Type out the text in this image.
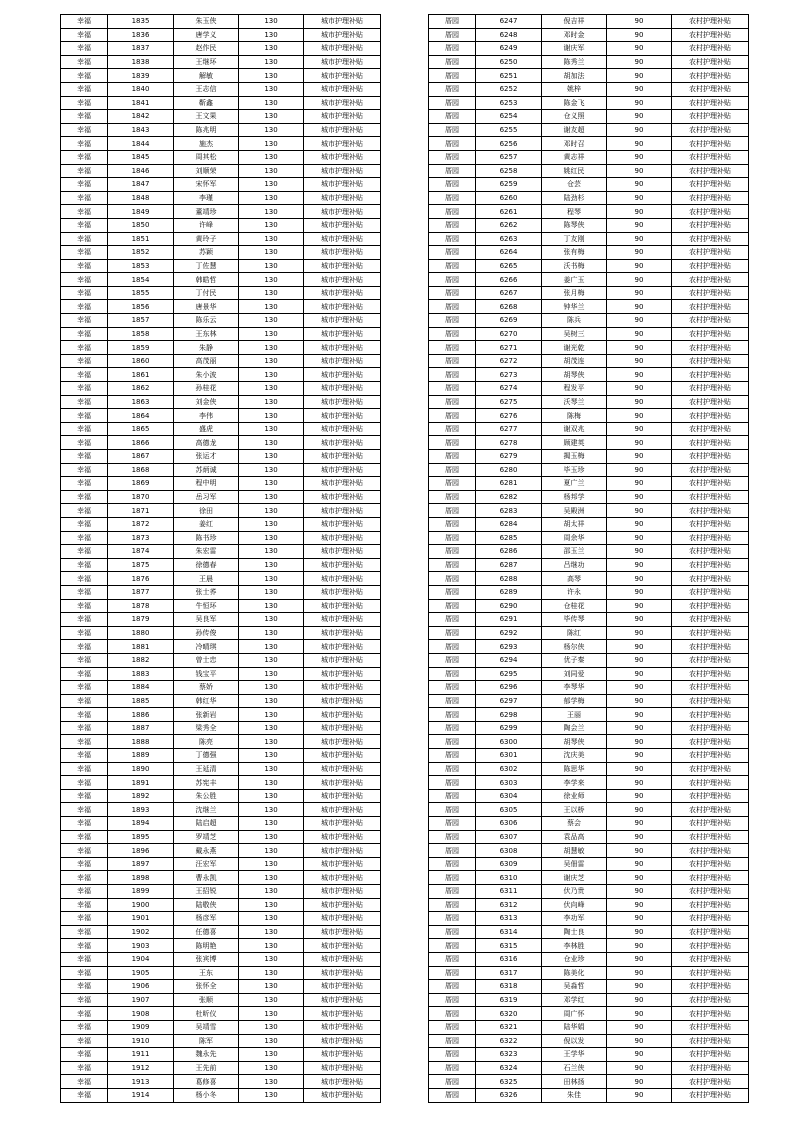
幸福	1835	朱玉侠	130	城市护理补贴
幸福	1836	唐学义	130	城市护理补贴
幸福	1837	赵作民	130	城市护理补贴
幸福	1838	王继环	130	城市护理补贴
幸福	1839	解敏	130	城市护理补贴
幸福	1840	王志信	130	城市护理补贴
幸福	1841	靳鑫	130	城市护理补贴
幸福	1842	王文果	130	城市护理补贴
幸福	1843	陈兆明	130	城市护理补贴
幸福	1844	施杰	130	城市护理补贴
幸福	1845	周其松	130	城市护理补贴
幸福	1846	刘顺荣	130	城市护理补贴
幸福	1847	宋怀军	130	城市护理补贴
幸福	1848	李瑾	130	城市护理补贴
幸福	1849	董靖珍	130	城市护理补贴
幸福	1850	许峰	130	城市护理补贴
幸福	1851	黄玲子	130	城市护理补贴
幸福	1852	苏颖	130	城市护理补贴
幸福	1853	丁佐慧	130	城市护理补贴
幸福	1854	韩皓哲	130	城市护理补贴
幸福	1855	丁付民	130	城市护理补贴
幸福	1856	唐景华	130	城市护理补贴
幸福	1857	陈乐云	130	城市护理补贴
幸福	1858	王东林	130	城市护理补贴
幸福	1859	朱静	130	城市护理补贴
幸福	1860	高茂丽	130	城市护理补贴
幸福	1861	朱小波	130	城市护理补贴
幸福	1862	孙桂花	130	城市护理补贴
幸福	1863	刘金侠	130	城市护理补贴
幸福	1864	李伟	130	城市护理补贴
幸福	1865	盛虎	130	城市护理补贴
幸福	1866	高德龙	130	城市护理补贴
幸福	1867	张运才	130	城市护理补贴
幸福	1868	苏炳诚	130	城市护理补贴
幸福	1869	程中明	130	城市护理补贴
幸福	1870	岳习军	130	城市护理补贴
幸福	1871	徐田	130	城市护理补贴
幸福	1872	姜红	130	城市护理补贴
幸福	1873	陈书珍	130	城市护理补贴
幸福	1874	朱宏雷	130	城市护理补贴
幸福	1875	徐德春	130	城市护理补贴
幸福	1876	王晨	130	城市护理补贴
幸福	1877	张士荞	130	城市护理补贴
幸福	1878	牛恒环	130	城市护理补贴
幸福	1879	吴良军	130	城市护理补贴
幸福	1880	孙传俊	130	城市护理补贴
幸福	1881	冷晴琪	130	城市护理补贴
幸福	1882	曾士忠	130	城市护理补贴
幸福	1883	钱宝平	130	城市护理补贴
幸福	1884	蔡娇	130	城市护理补贴
幸福	1885	韩红华	130	城市护理补贴
幸福	1886	张新岩	130	城市护理补贴
幸福	1887	梁秀全	130	城市护理补贴
幸福	1888	陈亮	130	城市护理补贴
幸福	1889	丁德强	130	城市护理补贴
幸福	1890	王延清	130	城市护理补贴
幸福	1891	苏宪丰	130	城市护理补贴
幸福	1892	朱公胜	130	城市护理补贴
幸福	1893	沈继兰	130	城市护理补贴
幸福	1894	陆启超	130	城市护理补贴
幸福	1895	罗靖芝	130	城市护理补贴
幸福	1896	戴永燕	130	城市护理补贴
幸福	1897	汪宏军	130	城市护理补贴
幸福	1898	曹永凯	130	城市护理补贴
幸福	1899	王招锐	130	城市护理补贴
幸福	1900	陆敬侠	130	城市护理补贴
幸福	1901	杨彦军	130	城市护理补贴
幸福	1902	任德喜	130	城市护理补贴
幸福	1903	陈明艳	130	城市护理补贴
幸福	1904	张宾博	130	城市护理补贴
幸福	1905	王东	130	城市护理补贴
幸福	1906	张怀全	130	城市护理补贴
幸福	1907	张顺	130	城市护理补贴
幸福	1908	杜昕仪	130	城市护理补贴
幸福	1909	吴靖雪	130	城市护理补贴
幸福	1910	陈军	130	城市护理补贴
幸福	1911	魏永先	130	城市护理补贴
幸福	1912	王先前	130	城市护理补贴
幸福	1913	葛修喜	130	城市护理补贴
幸福	1914	杨小冬	130	城市护理补贴
厝园	6247	倪吉祥	90	农村护理补贴
厝园	6248	邓时金	90	农村护理补贴
厝园	6249	谢庆军	90	农村护理补贴
厝园	6250	陈秀兰	90	农村护理补贴
厝园	6251	胡加法	90	农村护理补贴
厝园	6252	姚梓	90	农村护理补贴
厝园	6253	陈金飞	90	农村护理补贴
厝园	6254	仓义照	90	农村护理补贴
厝园	6255	谢友超	90	农村护理补贴
厝园	6256	邓时召	90	农村护理补贴
厝园	6257	黄志祥	90	农村护理补贴
厝园	6258	姚红民	90	农村护理补贴
厝园	6259	仓芸	90	农村护理补贴
厝园	6260	陆劲杉	90	农村护理补贴
厝园	6261	程琴	90	农村护理补贴
厝园	6262	陈琴侠	90	农村护理补贴
厝园	6263	丁友刚	90	农村护理补贴
厝园	6264	张有梅	90	农村护理补贴
厝园	6265	沃书梅	90	农村护理补贴
厝园	6266	姜广玉	90	农村护理补贴
厝园	6267	张月梅	90	农村护理补贴
厝园	6268	钟华兰	90	农村护理补贴
厝园	6269	陈兵	90	农村护理补贴
厝园	6270	吴树三	90	农村护理补贴
厝园	6271	谢光乾	90	农村护理补贴
厝园	6272	胡茂连	90	农村护理补贴
厝园	6273	胡琴侠	90	农村护理补贴
厝园	6274	程发平	90	农村护理补贴
厝园	6275	沃琴兰	90	农村护理补贴
厝园	6276	陈梅	90	农村护理补贴
厝园	6277	谢双兆	90	农村护理补贴
厝园	6278	顾建英	90	农村护理补贴
厝园	6279	揭玉梅	90	农村护理补贴
厝园	6280	毕玉珍	90	农村护理补贴
厝园	6281	夏广兰	90	农村护理补贴
厝园	6282	杨邦学	90	农村护理补贴
厝园	6283	吴殿洲	90	农村护理补贴
厝园	6284	胡太祥	90	农村护理补贴
厝园	6285	周余华	90	农村护理补贴
厝园	6286	邵玉兰	90	农村护理补贴
厝园	6287	吕继功	90	农村护理补贴
厝园	6288	高琴	90	农村护理补贴
厝园	6289	许永	90	农村护理补贴
厝园	6290	仓桂花	90	农村护理补贴
厝园	6291	毕传琴	90	农村护理补贴
厝园	6292	陈红	90	农村护理补贴
厝园	6293	杨尔侠	90	农村护理补贴
厝园	6294	优子秦	90	农村护理补贴
厝园	6295	刘同爱	90	农村护理补贴
厝园	6296	李琴华	90	农村护理补贴
厝园	6297	郁学梅	90	农村护理补贴
厝园	6298	王丽	90	农村护理补贴
厝园	6299	陶会兰	90	农村护理补贴
厝园	6300	胡琴侠	90	农村护理补贴
厝园	6301	沈庆美	90	农村护理补贴
厝园	6302	陈思华	90	农村护理补贴
厝园	6303	李学来	90	农村护理补贴
厝园	6304	徐业师	90	农村护理补贴
厝园	6305	王以桥	90	农村护理补贴
厝园	6306	蔡会	90	农村护理补贴
厝园	6307	袁品高	90	农村护理补贴
厝园	6308	胡慧敏	90	农村护理补贴
厝园	6309	吴佃雷	90	农村护理补贴
厝园	6310	谢庆芝	90	农村护理补贴
厝园	6311	伏乃贵	90	农村护理补贴
厝园	6312	伏向峰	90	农村护理补贴
厝园	6313	李功军	90	农村护理补贴
厝园	6314	陶士良	90	农村护理补贴
厝园	6315	李林胜	90	农村护理补贴
厝园	6316	仓业珍	90	农村护理补贴
厝园	6317	陈美化	90	农村护理补贴
厝园	6318	吴淼哲	90	农村护理补贴
厝园	6319	邓学红	90	农村护理补贴
厝园	6320	周广怀	90	农村护理补贴
厝园	6321	陆华娟	90	农村护理补贴
厝园	6322	倪以发	90	农村护理补贴
厝园	6323	王学华	90	农村护理补贴
厝园	6324	石兰侠	90	农村护理补贴
厝园	6325	田林扬	90	农村护理补贴
厝园	6326	朱佳	90	农村护理补贴
